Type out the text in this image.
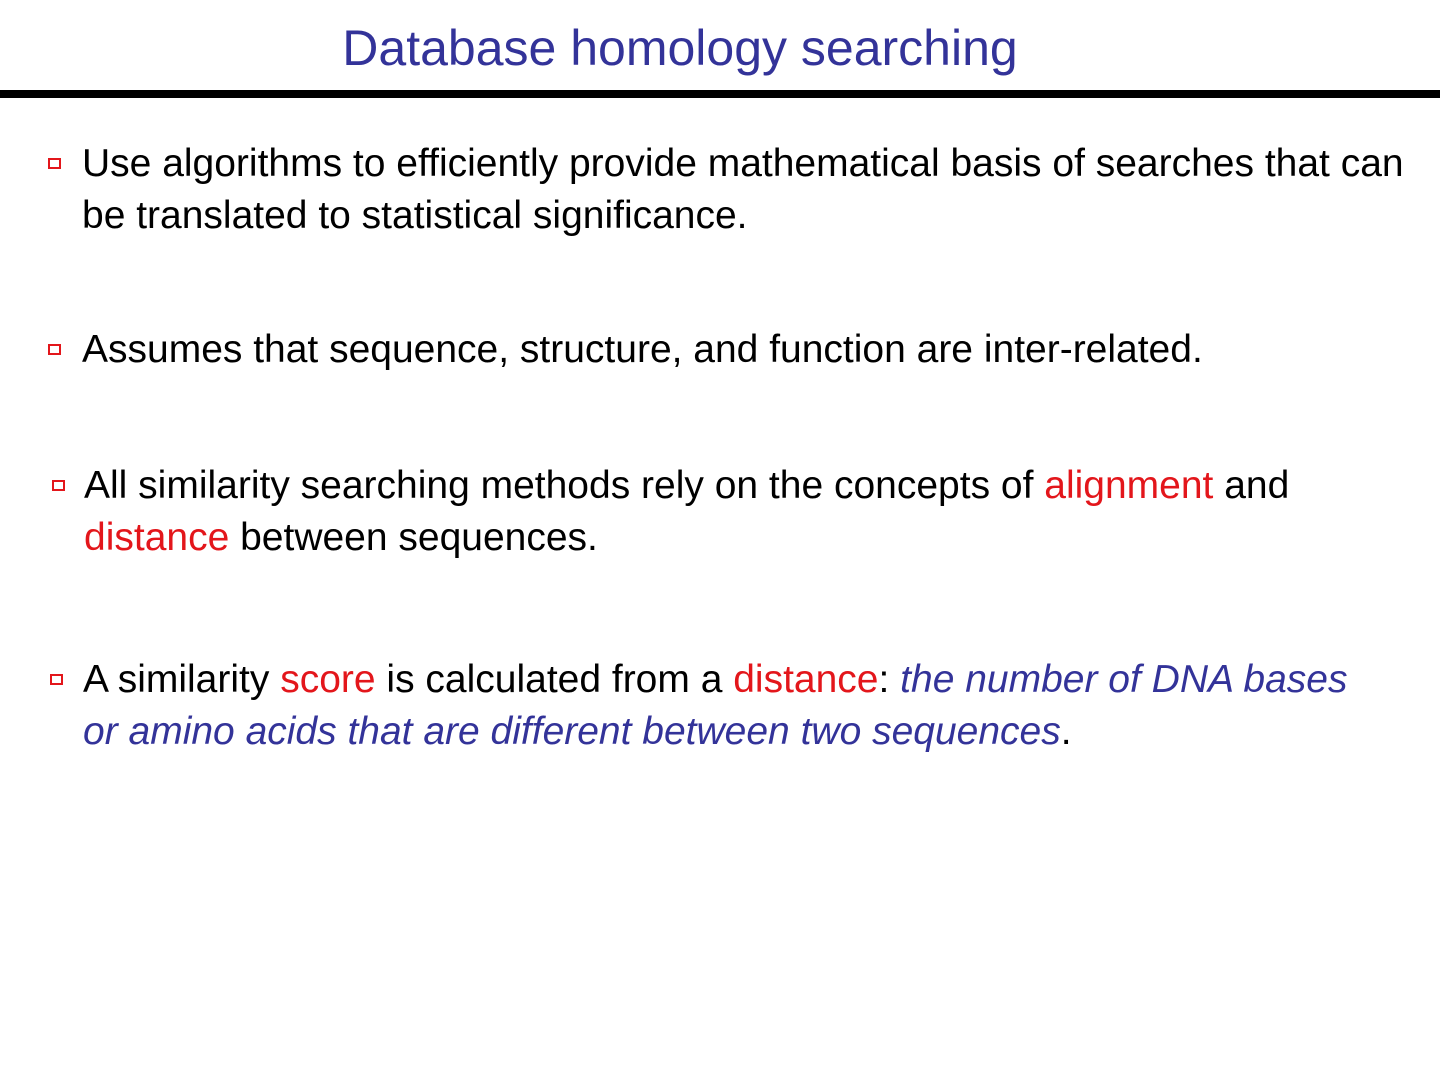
Database homology searching
Use algorithms to efficiently provide mathematical basis of searches that can be translated to statistical significance.
Assumes that sequence, structure, and function are inter-related.
All similarity searching methods rely on the concepts of alignment and distance between sequences.
A similarity score is calculated from a distance: the number of DNA bases or amino acids that are different between two sequences.
